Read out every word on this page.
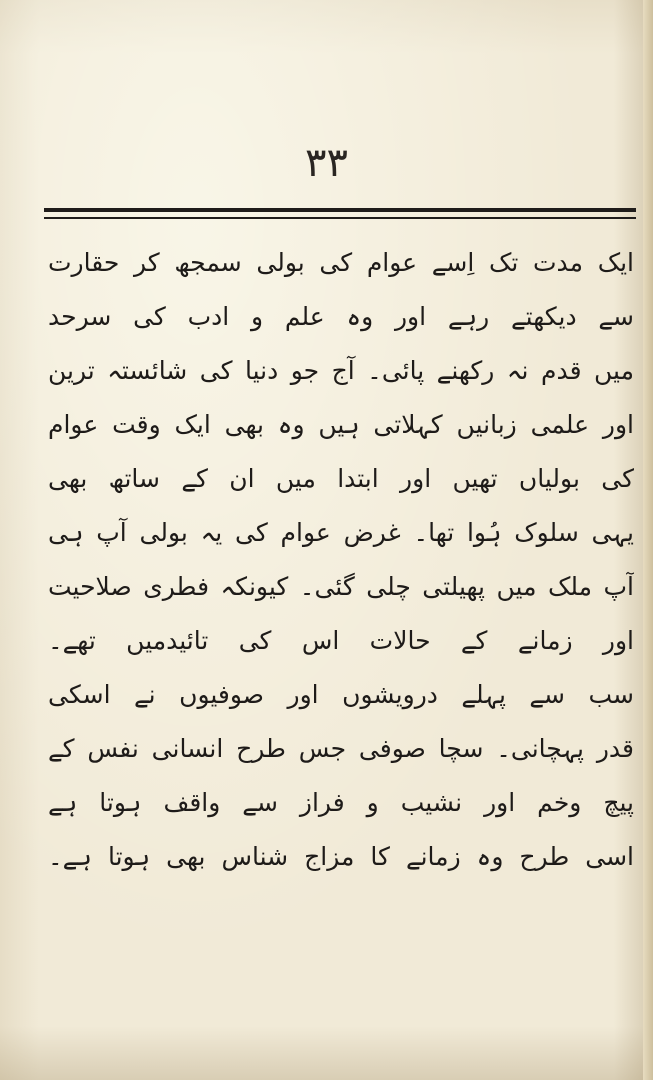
۳۳
ایک مدت تک اِسے عوام کی بولی سمجھ کر حقارت
سے دیکھتے رہے اور وہ علم و ادب کی سرحد
میں قدم نہ رکھنے پائی۔ آج جو دنیا کی شائستہ ترین
اور علمی زبانیں کہلاتی ہیں وہ بھی ایک وقت عوام
کی بولیاں تھیں اور ابتدا میں ان کے ساتھ بھی
یہی سلوک ہُوا تھا۔ غرض عوام کی یہ بولی آپ ہی
آپ ملک میں پھیلتی چلی گئی۔ کیونکہ فطری صلاحیت
اور زمانے کے حالات اس کی تائیدمیں تھے۔
سب سے پہلے درویشوں اور صوفیوں نے اسکی
قدر پہچانی۔ سچا صوفی جس طرح انسانی نفس کے
پیچ وخم اور نشیب و فراز سے واقف ہوتا ہے
اسی طرح وہ زمانے کا مزاج شناس بھی ہوتا ہے۔
